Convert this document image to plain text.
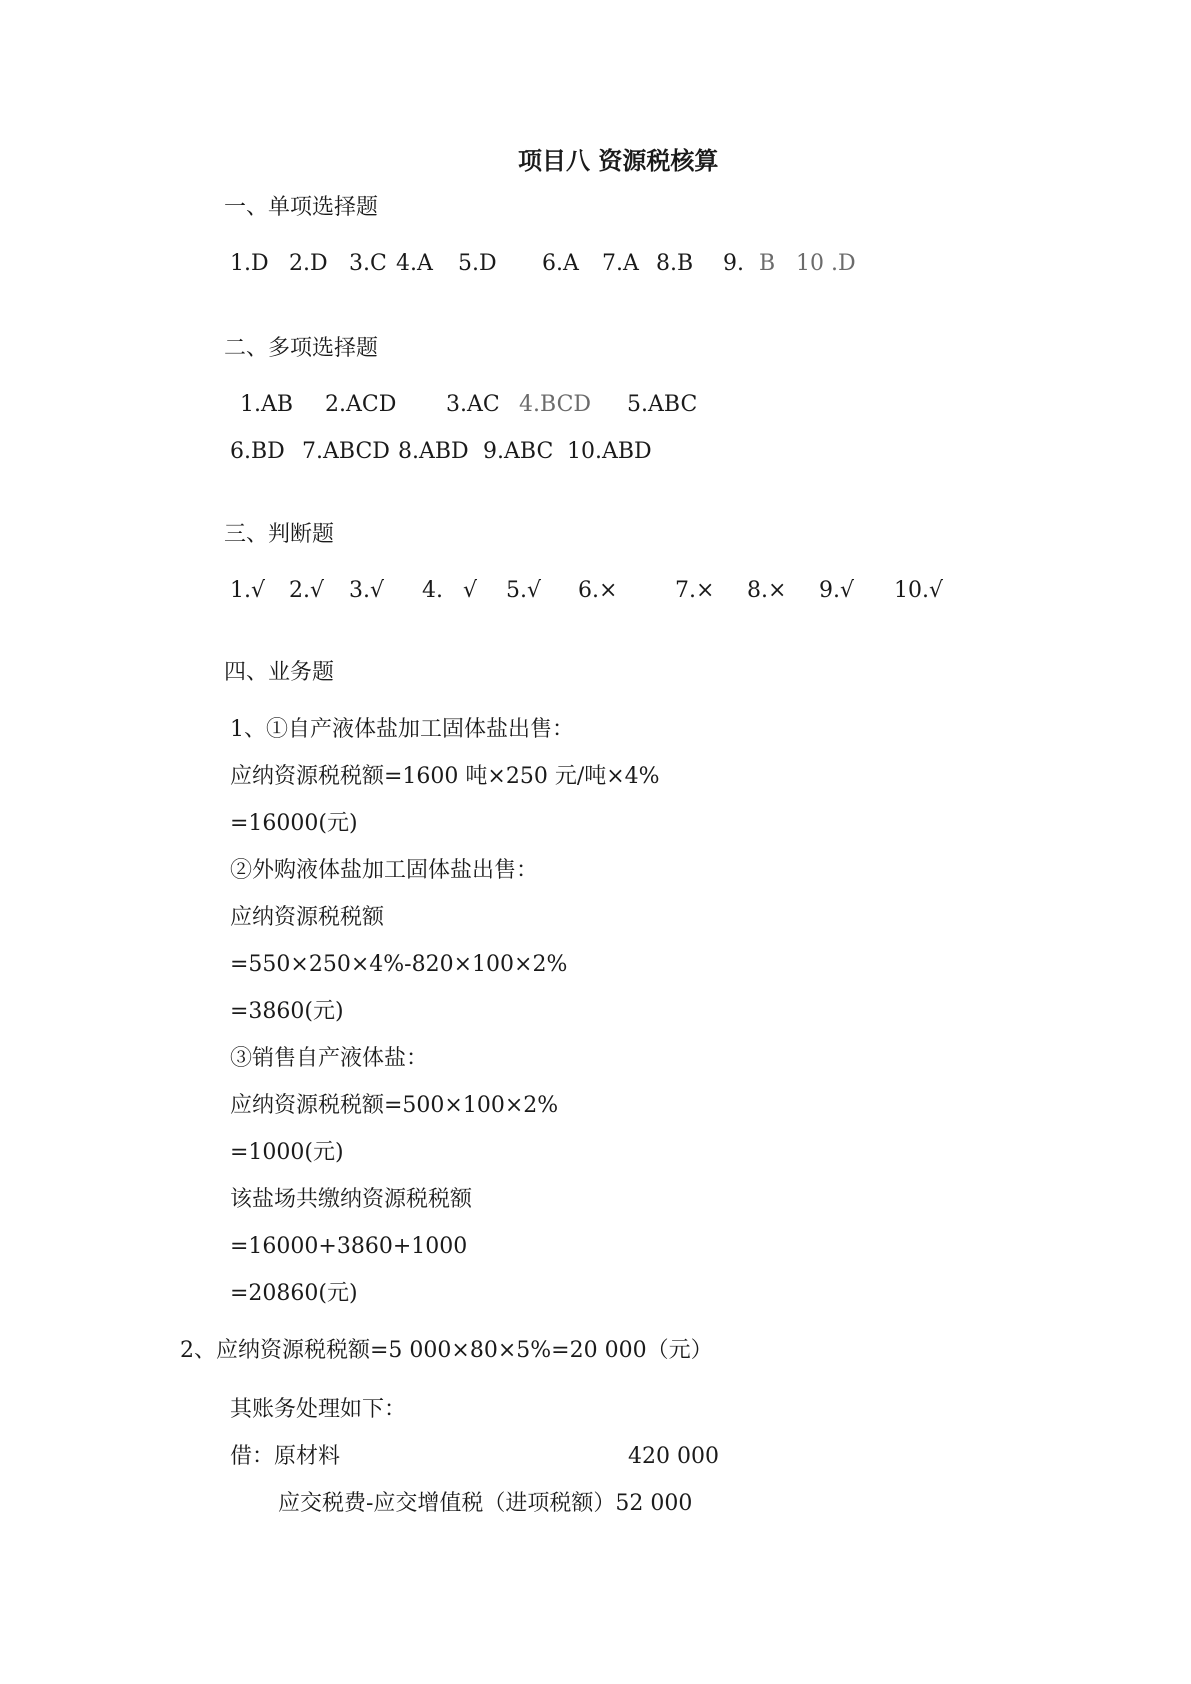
项目八 资源税核算
一、单项选择题
1.D 2.D 3.C 4.A 5.D 6.A 7.A 8.B 9. B 10 .D
二、多项选择题
1.AB 2.ACD 3.AC 4.BCD 5.ABC
6.BD 7.ABCD 8.ABD 9.ABC 10.ABD
三、判断题
1.√ 2.√ 3.√ 4. √ 5.√ 6.×	7.× 8.× 9.√ 10.√
四、业务题
1、①自产液体盐加工固体盐出售：
应纳资源税税额=1600 吨×250 元/吨×4%
=16000(元)
②外购液体盐加工固体盐出售：
应纳资源税税额
=550×250×4%-820×100×2%
=3860(元)
③销售自产液体盐：
应纳资源税税额=500×100×2%
=1000(元)
该盐场共缴纳资源税税额
=16000+3860+1000
=20860(元)
2、应纳资源税税额=5 000×80×5%=20 000（元）
其账务处理如下：
借：原材料	420 000
应交税费-应交增值税（进项税额）52 000
